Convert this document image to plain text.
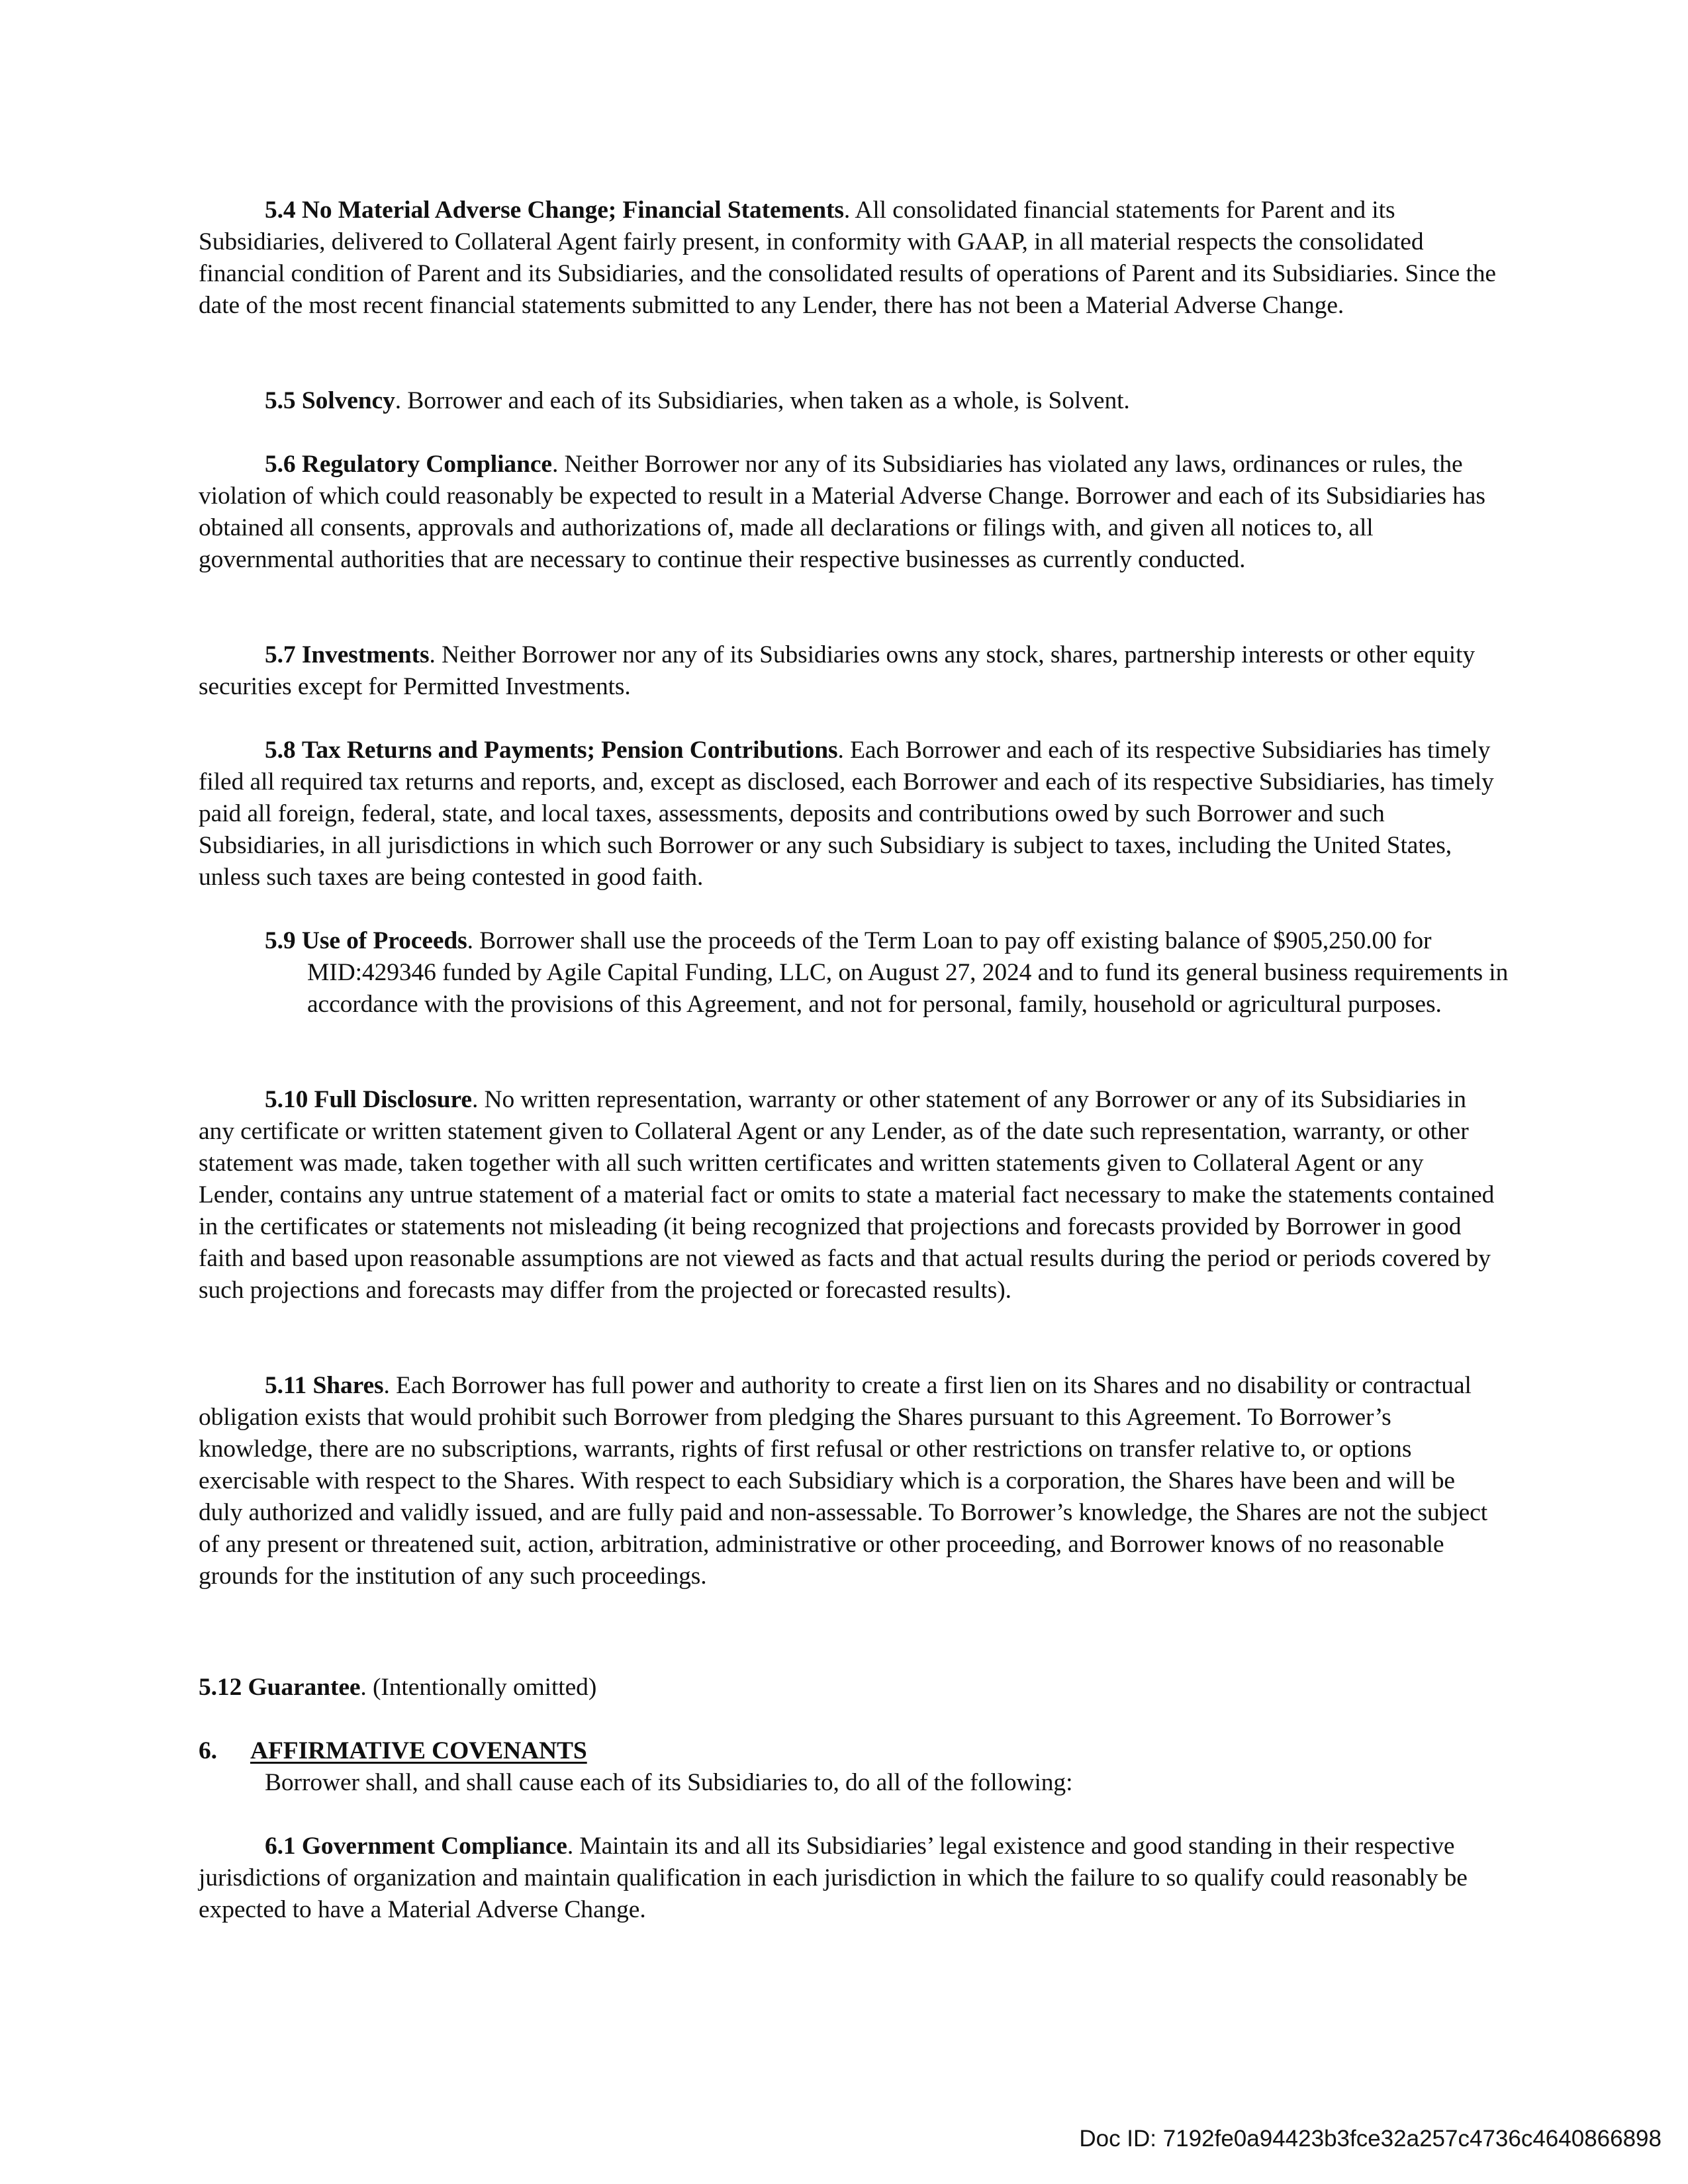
5.4 No Material Adverse Change; Financial Statements. All consolidated financial statements for Parent and its Subsidiaries, delivered to Collateral Agent fairly present, in conformity with GAAP, in all material respects the consolidated financial condition of Parent and its Subsidiaries, and the consolidated results of operations of Parent and its Subsidiaries. Since the date of the most recent financial statements submitted to any Lender, there has not been a Material Adverse Change.

5.5 Solvency. Borrower and each of its Subsidiaries, when taken as a whole, is Solvent.

5.6 Regulatory Compliance. Neither Borrower nor any of its Subsidiaries has violated any laws, ordinances or rules, the violation of which could reasonably be expected to result in a Material Adverse Change. Borrower and each of its Subsidiaries has obtained all consents, approvals and authorizations of, made all declarations or filings with, and given all notices to, all governmental authorities that are necessary to continue their respective businesses as currently conducted.

5.7 Investments. Neither Borrower nor any of its Subsidiaries owns any stock, shares, partnership interests or other equity securities except for Permitted Investments.

5.8 Tax Returns and Payments; Pension Contributions. Each Borrower and each of its respective Subsidiaries has timely filed all required tax returns and reports, and, except as disclosed, each Borrower and each of its respective Subsidiaries, has timely paid all foreign, federal, state, and local taxes, assessments, deposits and contributions owed by such Borrower and such Subsidiaries, in all jurisdictions in which such Borrower or any such Subsidiary is subject to taxes, including the United States, unless such taxes are being contested in good faith.

5.9 Use of Proceeds. Borrower shall use the proceeds of the Term Loan to pay off existing balance of $905,250.00 for MID:429346 funded by Agile Capital Funding, LLC, on August 27, 2024 and to fund its general business requirements in accordance with the provisions of this Agreement, and not for personal, family, household or agricultural purposes.

5.10 Full Disclosure. No written representation, warranty or other statement of any Borrower or any of its Subsidiaries in any certificate or written statement given to Collateral Agent or any Lender, as of the date such representation, warranty, or other statement was made, taken together with all such written certificates and written statements given to Collateral Agent or any Lender, contains any untrue statement of a material fact or omits to state a material fact necessary to make the statements contained in the certificates or statements not misleading (it being recognized that projections and forecasts provided by Borrower in good faith and based upon reasonable assumptions are not viewed as facts and that actual results during the period or periods covered by such projections and forecasts may differ from the projected or forecasted results).

5.11 Shares. Each Borrower has full power and authority to create a first lien on its Shares and no disability or contractual obligation exists that would prohibit such Borrower from pledging the Shares pursuant to this Agreement. To Borrower’s knowledge, there are no subscriptions, warrants, rights of first refusal or other restrictions on transfer relative to, or options exercisable with respect to the Shares. With respect to each Subsidiary which is a corporation, the Shares have been and will be duly authorized and validly issued, and are fully paid and non-assessable. To Borrower’s knowledge, the Shares are not the subject of any present or threatened suit, action, arbitration, administrative or other proceeding, and Borrower knows of no reasonable grounds for the institution of any such proceedings.

5.12 Guarantee. (Intentionally omitted)

6. AFFIRMATIVE COVENANTS

Borrower shall, and shall cause each of its Subsidiaries to, do all of the following:

6.1 Government Compliance. Maintain its and all its Subsidiaries’ legal existence and good standing in their respective jurisdictions of organization and maintain qualification in each jurisdiction in which the failure to so qualify could reasonably be expected to have a Material Adverse Change.

Doc ID: 7192fe0a94423b3fce32a257c4736c4640866898
